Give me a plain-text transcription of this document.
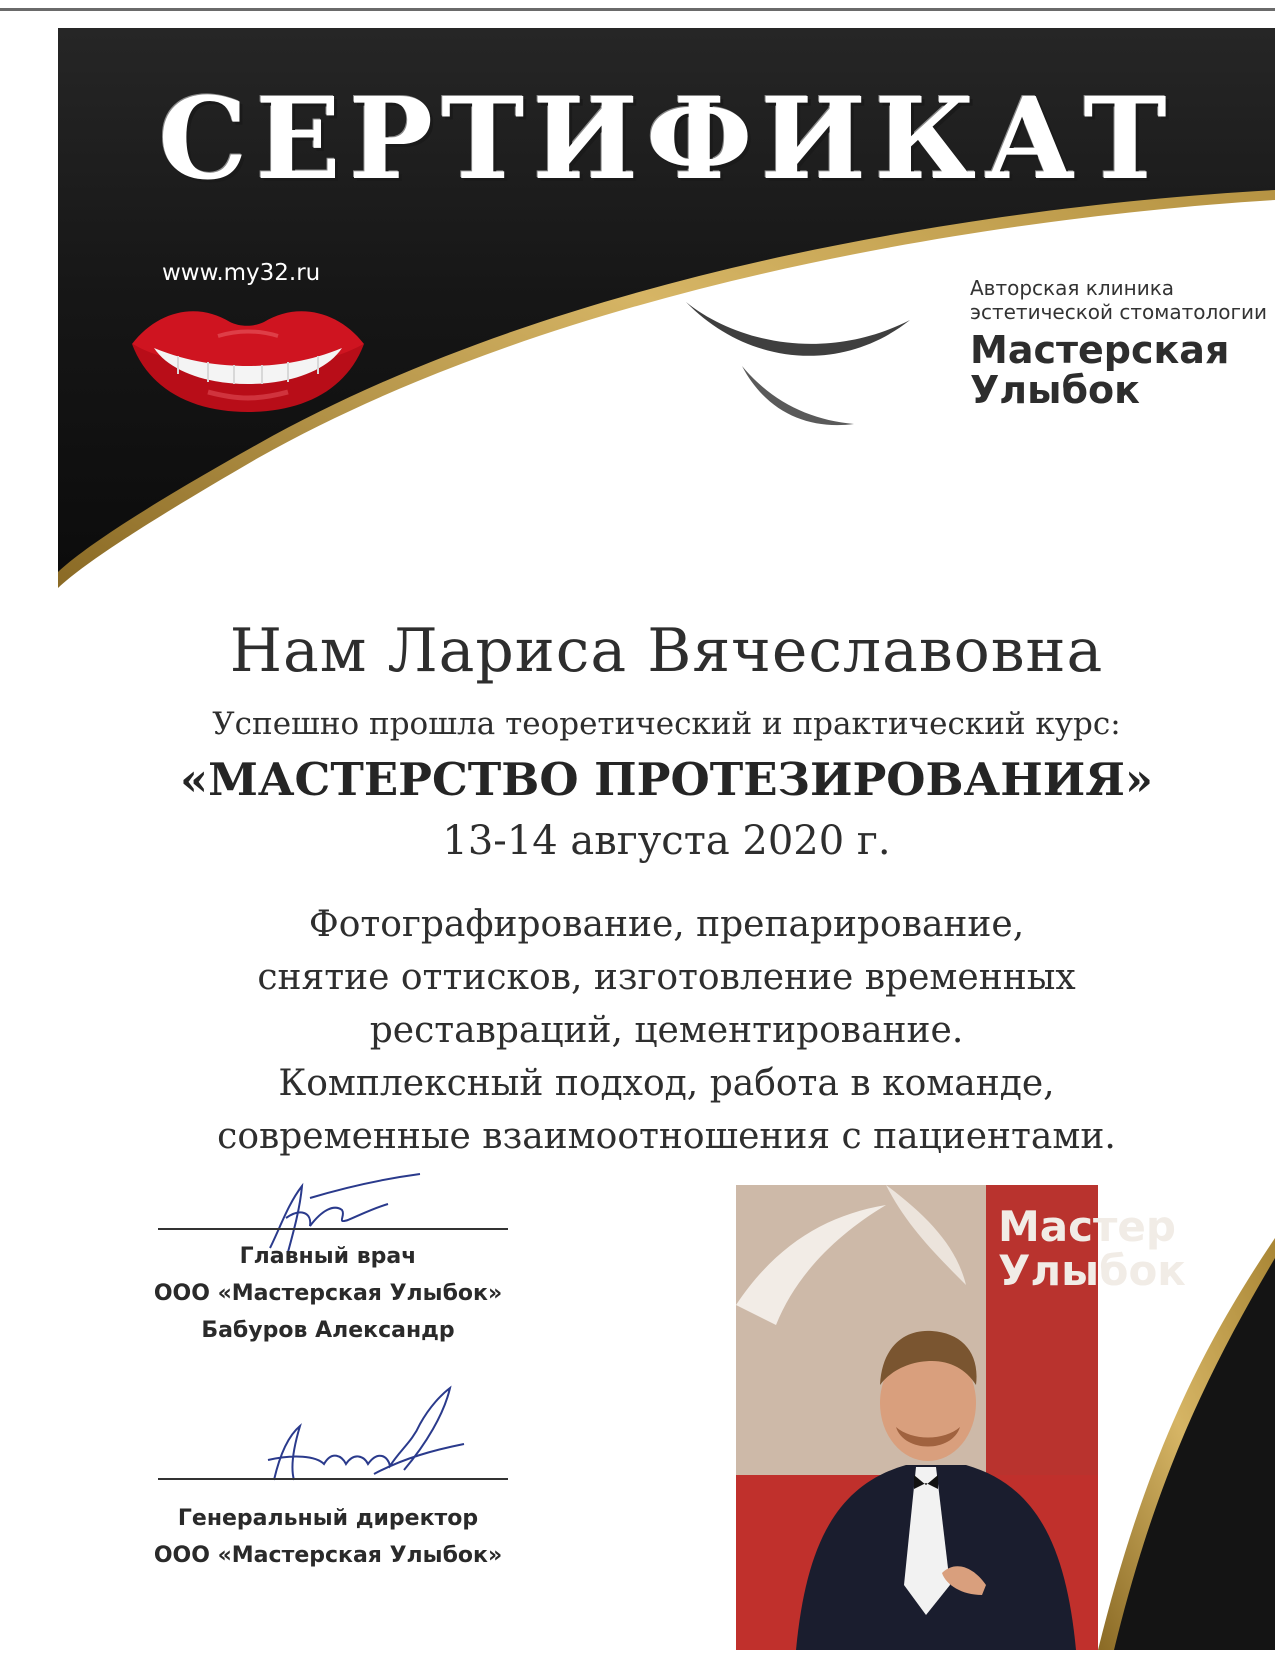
СЕРТИФИКАТ
www.my32.ru
Авторская клиника
эстетической стоматологии
Мастерская
Улыбок
Нам Лариса Вячеславовна
Успешно прошла теоретический и практический курс:
«МАСТЕРСТВО ПРОТЕЗИРОВАНИЯ»
13-14 августа 2020 г.
Фотографирование, препарирование,
снятие оттисков, изготовление временных
реставраций, цементирование.
Комплексный подход, работа в команде,
современные взаимоотношения с пациентами.
Главный врач
ООО «Мастерская Улыбок»
Бабуров Александр
Генеральный директор
ООО «Мастерская Улыбок»
Мастер
Улыбок
